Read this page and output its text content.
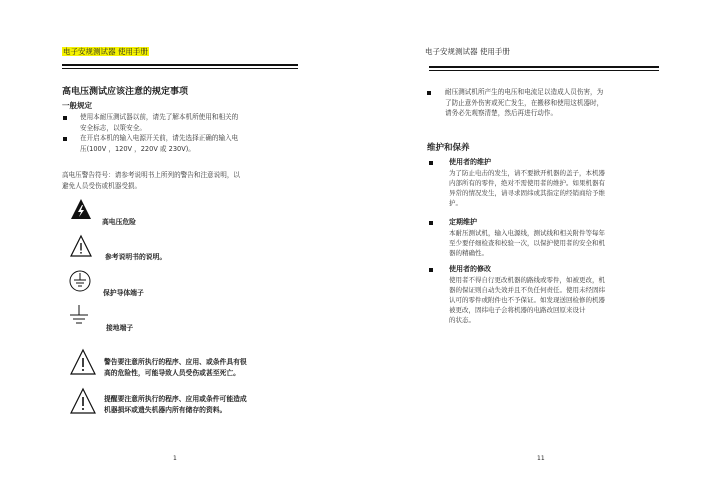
电子安规测试器 使用手册
高电压测试应该注意的规定事项
一般规定
使用本耐压测试器以前，请先了解本机所使用和相关的
安全标志，以策安全。
在开启本机的输入电源开关前，请先选择正确的输入电
压(100V ，120V ，220V 或 230V)。
高电压警告符号：请参考说明书上所列的警告和注意说明，以
避免人员受伤或机器受损。
高电压危险
参考说明书的说明。
保护导体端子
接地端子
警告要注意所执行的程序、应用、或条件具有很
高的危险性，可能导致人员受伤或甚至死亡。
提醒要注意所执行的程序、应用或条件可能造成
机器损坏或遗失机器内所有储存的资料。
1
电子安规测试器 使用手册
耐压测试机所产生的电压和电流足以造成人员伤害，为
了防止意外伤害或死亡发生，在搬移和使用这机器时，
请务必先观察清楚，然后再进行动作。
维护和保养
使用者的维护
为了防止电击的发生，请不要掀开机器的盖子，本机器
内部所有的零件，绝对不需使用者的维护。如果机器有
异常的情况发生，请寻求固纬或其指定的经销商给予维
护。
定期维护
本耐压测试机，输入电源线，测试线和相关附件等每年
至少要仔细检查和校验一次，以保护使用者的安全和机
器的精确性。
使用者的修改
使用者不得自行更改机器的路线或零件，如被更改，机
器的保证则自动失效并且不负任何责任。使用未经固纬
认可的零件或附件也不予保证。如发现送回检修的机器
被更改，固纬电子会将机器的电路改回原来设计
的状态。
11
